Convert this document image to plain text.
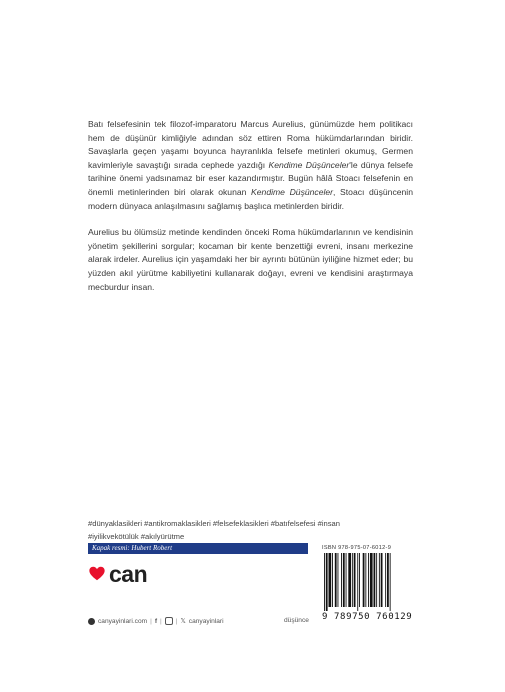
Batı felsefesinin tek filozof-imparatoru Marcus Aurelius, günümüzde hem politikacı hem de düşünür kimliğiyle adından söz ettiren Roma hükümdarlarından biridir. Savaşlarla geçen yaşamı boyunca hayranlıkla felsefe metinleri okumuş, Germen kavimleriyle savaştığı sırada cephede yazdığı Kendime Düşünceler'le dünya felsefe tarihine önemi yadsınamaz bir eser kazandırmıştır. Bugün hâlâ Stoacı felsefenin en önemli metinlerinden biri olarak okunan Kendime Düşünceler, Stoacı düşüncenin modern dünyaca anlaşılmasını sağlamış başlıca metinlerden biridir.

Aurelius bu ölümsüz metinde kendinden önceki Roma hükümdarlarının ve kendisinin yönetim şekillerini sorgular; kocaman bir kente benzettiği evreni, insanı merkezine alarak irdeler. Aurelius için yaşamdaki her bir ayrıntı bütünün iyiliğine hizmet eder; bu yüzden akıl yürütme kabiliyetini kullanarak doğayı, evreni ve kendisini araştırmaya mecburdur insan.

#dünyaklasikleri #antikromaklasikleri #felsefeklasikleri #batıfelsefesi #insan
#iyilikvekötülük #akılyürütme
Kapak resmi: Hubert Robert
can
canyayinlari.com | f | | 𝕏 canyayinlari	düşünce
ISBN 978-975-07-6012-9
9 789750 760129
